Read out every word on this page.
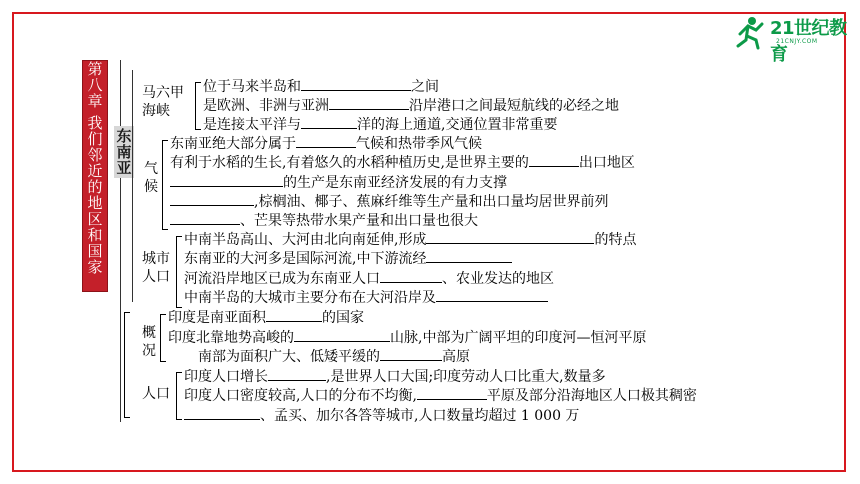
21世纪教育
21CNJY.COM
第
八
章
我
们
邻
近
的
地
区
和
国
家
东
南
亚
马六甲
海峡
位于马来半岛和	之间
是欧洲、非洲与亚洲	沿岸港口之间最短航线的必经之地
是连接太平洋与	洋的海上通道,交通位置非常重要
气
候
东南亚绝大部分属于	气候和热带季风气候
有利于水稻的生长,有着悠久的水稻种植历史,是世界主要的	出口地区
的生产是东南亚经济发展的有力支撑
,棕榈油、椰子、蕉麻纤维等生产量和出口量均居世界前列
、芒果等热带水果产量和出口量也很大
城市
人口
中南半岛高山、大河由北向南延伸,形成	的特点
东南亚的大河多是国际河流,中下游流经
河流沿岸地区已成为东南亚人口	、农业发达的地区
中南半岛的大城市主要分布在大河沿岸及
概
况
印度是南亚面积	的国家
印度北靠地势高峻的	山脉,中部为广阔平坦的印度河—恒河平原
南部为面积广大、低矮平缓的	高原
人口
印度人口增长	,是世界人口大国;印度劳动人口比重大,数量多
印度人口密度较高,人口的分布不均衡,	平原及部分沿海地区人口极其稠密
、孟买、加尔各答等城市,人口数量均超过 1 000 万
